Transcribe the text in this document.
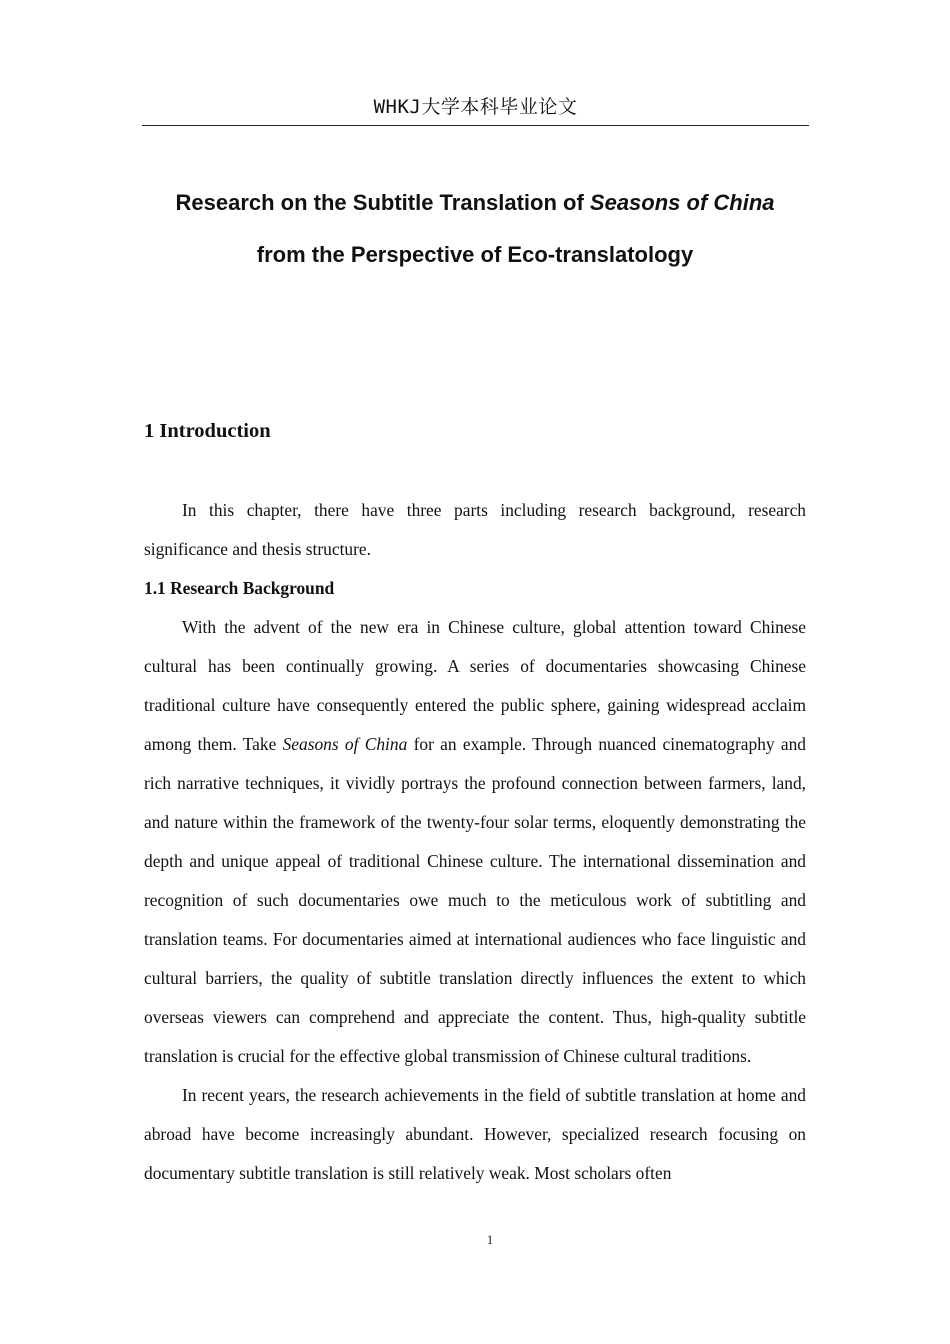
WHKJ大学本科毕业论文
Research on the Subtitle Translation of Seasons of China
from the Perspective of Eco-translatology
1 Introduction

In this chapter, there have three parts including research background, research significance and thesis structure.

1.1 Research Background

With the advent of the new era in Chinese culture, global attention toward Chinese cultural has been continually growing. A series of documentaries showcasing Chinese traditional culture have consequently entered the public sphere, gaining widespread acclaim among them. Take Seasons of China for an example. Through nuanced cinematography and rich narrative techniques, it vividly portrays the profound connection between farmers, land, and nature within the framework of the twenty-four solar terms, eloquently demonstrating the depth and unique appeal of traditional Chinese culture. The international dissemination and recognition of such documentaries owe much to the meticulous work of subtitling and translation teams. For documentaries aimed at international audiences who face linguistic and cultural barriers, the quality of subtitle translation directly influences the extent to which overseas viewers can comprehend and appreciate the content. Thus, high-quality subtitle translation is crucial for the effective global transmission of Chinese cultural traditions.

In recent years, the research achievements in the field of subtitle translation at home and abroad have become increasingly abundant. However, specialized research focusing on documentary subtitle translation is still relatively weak. Most scholars often

1
